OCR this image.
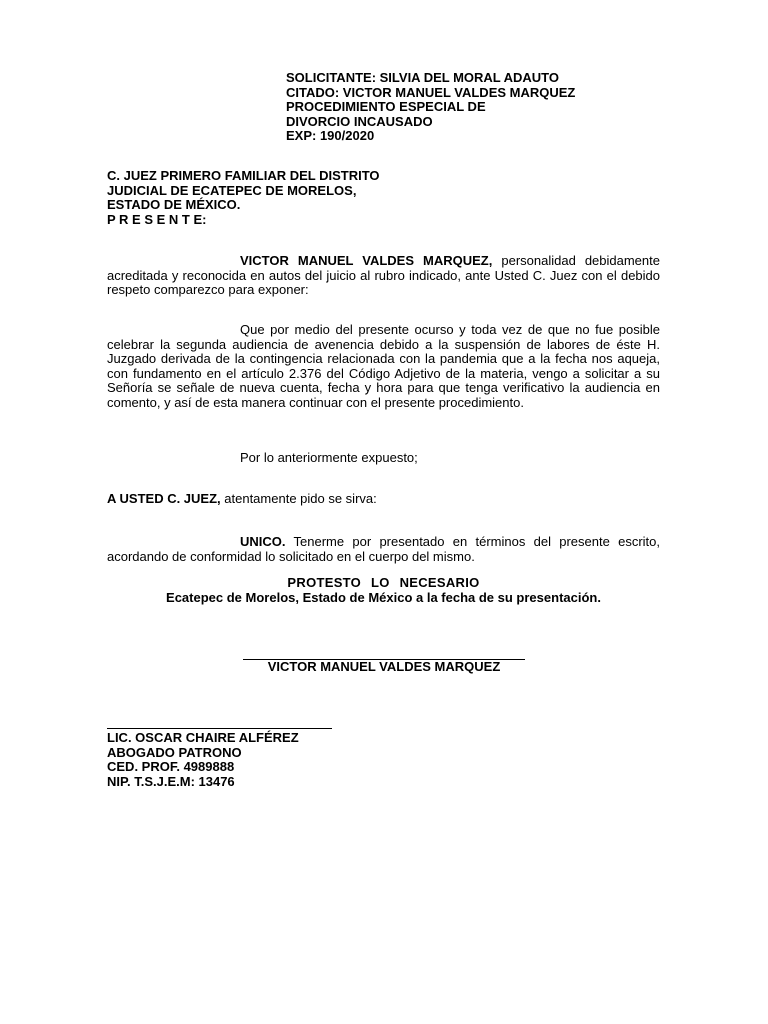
SOLICITANTE: SILVIA DEL MORAL ADAUTO
CITADO: VICTOR MANUEL VALDES MARQUEZ
PROCEDIMIENTO ESPECIAL DE
DIVORCIO INCAUSADO
EXP: 190/2020
C. JUEZ PRIMERO FAMILIAR DEL DISTRITO
JUDICIAL DE ECATEPEC DE MORELOS,
ESTADO DE MÉXICO.
P R E S E N T E:

VICTOR MANUEL VALDES MARQUEZ, personalidad debidamente acreditada y reconocida en autos del juicio al rubro indicado, ante Usted C. Juez con el debido respeto comparezco para exponer:

Que por medio del presente ocurso y toda vez de que no fue posible celebrar la segunda audiencia de avenencia debido a la suspensión de labores de éste H. Juzgado derivada de la contingencia relacionada con la pandemia que a la fecha nos aqueja, con fundamento en el artículo 2.376 del Código Adjetivo de la materia, vengo a solicitar a su Señoría se señale de nueva cuenta, fecha y hora para que tenga verificativo la audiencia en comento, y así de esta manera continuar con el presente procedimiento.

Por lo anteriormente expuesto;

A USTED C. JUEZ, atentamente pido se sirva:

UNICO. Tenerme por presentado en términos del presente escrito, acordando de conformidad lo solicitado en el cuerpo del mismo.

PROTESTO LO NECESARIO
Ecatepec de Morelos, Estado de México a la fecha de su presentación.
VICTOR MANUEL VALDES MARQUEZ
LIC. OSCAR CHAIRE ALFÉREZ
ABOGADO PATRONO
CED. PROF. 4989888
NIP. T.S.J.E.M: 13476
